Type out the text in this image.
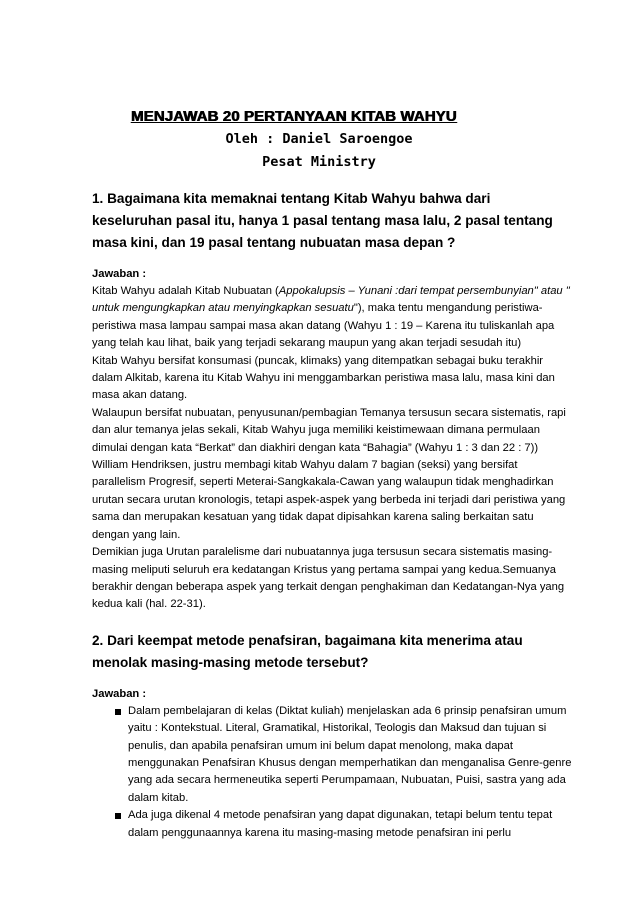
MENJAWAB 20 PERTANYAAN KITAB WAHYU
Oleh : Daniel Saroengoe
Pesat Ministry

1. Bagaimana kita memaknai tentang Kitab Wahyu bahwa dari keseluruhan pasal itu, hanya 1 pasal tentang masa lalu, 2 pasal tentang masa kini, dan 19 pasal tentang nubuatan masa depan ?

Jawaban :

Kitab Wahyu adalah Kitab Nubuatan (Appokalupsis – Yunani :dari tempat persembunyian" atau " untuk mengungkapkan atau menyingkapkan sesuatu"), maka tentu mengandung peristiwa-peristiwa masa lampau sampai masa akan datang (Wahyu 1 : 19 – Karena itu tuliskanlah apa yang telah kau lihat, baik yang terjadi sekarang maupun yang akan terjadi sesudah itu)

Kitab Wahyu bersifat konsumasi (puncak, klimaks) yang ditempatkan sebagai buku terakhir dalam Alkitab, karena itu Kitab Wahyu ini menggambarkan peristiwa masa lalu, masa kini dan masa akan datang.

Walaupun bersifat nubuatan, penyusunan/pembagian Temanya tersusun secara sistematis, rapi dan alur temanya jelas sekali, Kitab Wahyu juga memiliki keistimewaan dimana permulaan dimulai dengan kata “Berkat” dan diakhiri dengan kata “Bahagia” (Wahyu 1 : 3 dan 22 : 7))

William Hendriksen, justru membagi kitab Wahyu dalam 7 bagian (seksi) yang bersifat parallelism Progresif, seperti Meterai-Sangkakala-Cawan yang walaupun tidak menghadirkan urutan secara urutan kronologis, tetapi aspek-aspek yang berbeda ini terjadi dari peristiwa yang sama dan merupakan kesatuan yang tidak dapat dipisahkan karena saling berkaitan satu dengan yang lain.

Demikian juga Urutan paralelisme dari nubuatannya juga tersusun secara sistematis masing-masing meliputi seluruh era kedatangan Kristus yang pertama sampai yang kedua.Semuanya berakhir dengan beberapa aspek yang terkait dengan penghakiman dan Kedatangan-Nya yang kedua kali (hal. 22-31).

2. Dari keempat metode penafsiran, bagaimana kita menerima atau menolak masing-masing metode tersebut?

Jawaban :
Dalam pembelajaran di kelas (Diktat kuliah) menjelaskan ada 6 prinsip penafsiran umum yaitu : Kontekstual. Literal, Gramatikal, Historikal, Teologis dan Maksud dan tujuan si penulis, dan apabila penafsiran umum ini belum dapat menolong, maka dapat menggunakan Penafsiran Khusus dengan memperhatikan dan menganalisa Genre-genre yang ada secara hermeneutika seperti Perumpamaan, Nubuatan, Puisi, sastra yang ada dalam kitab.
Ada juga dikenal 4 metode penafsiran yang dapat digunakan, tetapi belum tentu tepat dalam penggunaannya karena itu masing-masing metode penafsiran ini perlu
